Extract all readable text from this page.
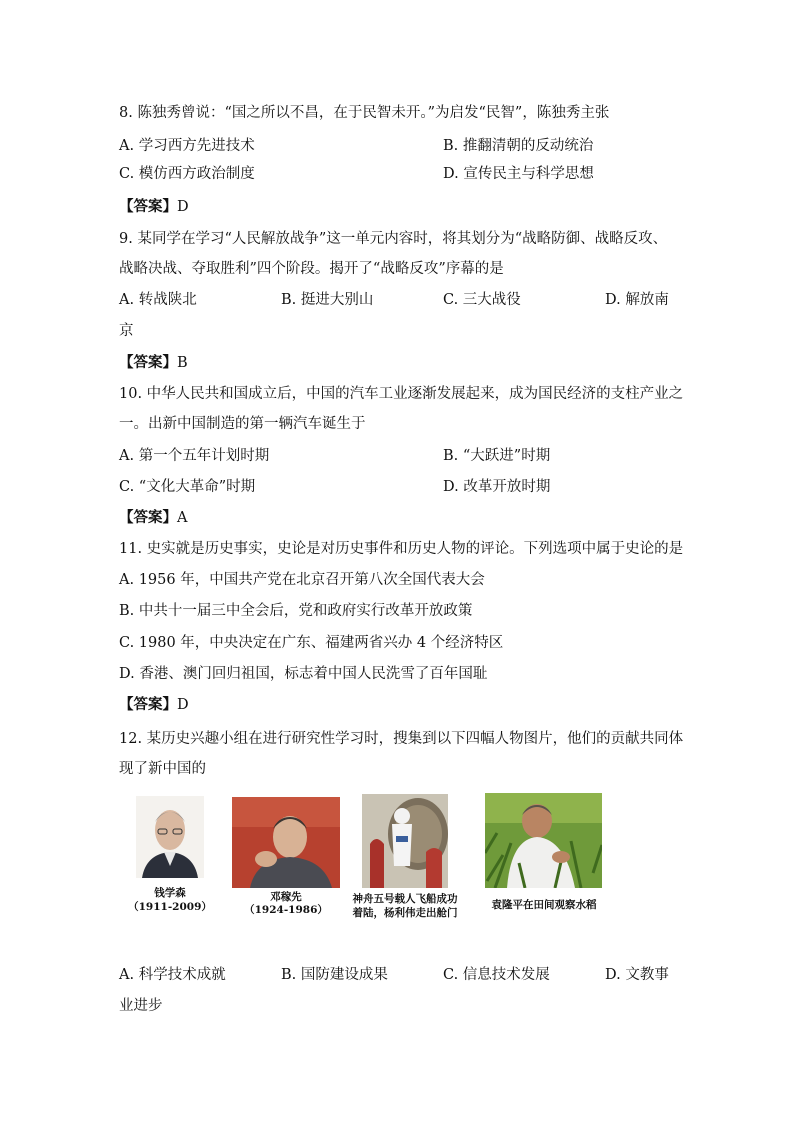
8. 陈独秀曾说：“国之所以不昌，在于民智未开。”为启发“民智”，陈独秀主张
A. 学习西方先进技术	B. 推翻清朝的反动统治
C. 模仿西方政治制度	D. 宣传民主与科学思想
【答案】D
9. 某同学在学习“人民解放战争”这一单元内容时，将其划分为“战略防御、战略反攻、
战略决战、夺取胜利”四个阶段。揭开了“战略反攻”序幕的是
A. 转战陕北	B. 挺进大别山	C. 三大战役	D. 解放南
京
【答案】B
10. 中华人民共和国成立后，中国的汽车工业逐渐发展起来，成为国民经济的支柱产业之
一。出新中国制造的第一辆汽车诞生于
A. 第一个五年计划时期	B. “大跃进”时期
C. “文化大革命”时期	D. 改革开放时期
【答案】A
11. 史实就是历史事实，史论是对历史事件和历史人物的评论。下列选项中属于史论的是
A. 1956 年，中国共产党在北京召开第八次全国代表大会
B. 中共十一届三中全会后，党和政府实行改革开放政策
C. 1980 年，中央决定在广东、福建两省兴办 4 个经济特区
D. 香港、澳门回归祖国，标志着中国人民洗雪了百年国耻
【答案】D
12. 某历史兴趣小组在进行研究性学习时，搜集到以下四幅人物图片，他们的贡献共同体
现了新中国的
钱学森
（1911-2009）
邓稼先
（1924-1986）
神舟五号载人飞船成功
着陆，杨利伟走出舱门
袁隆平在田间观察水稻
A. 科学技术成就	B. 国防建设成果	C. 信息技术发展	D. 文教事
业进步
